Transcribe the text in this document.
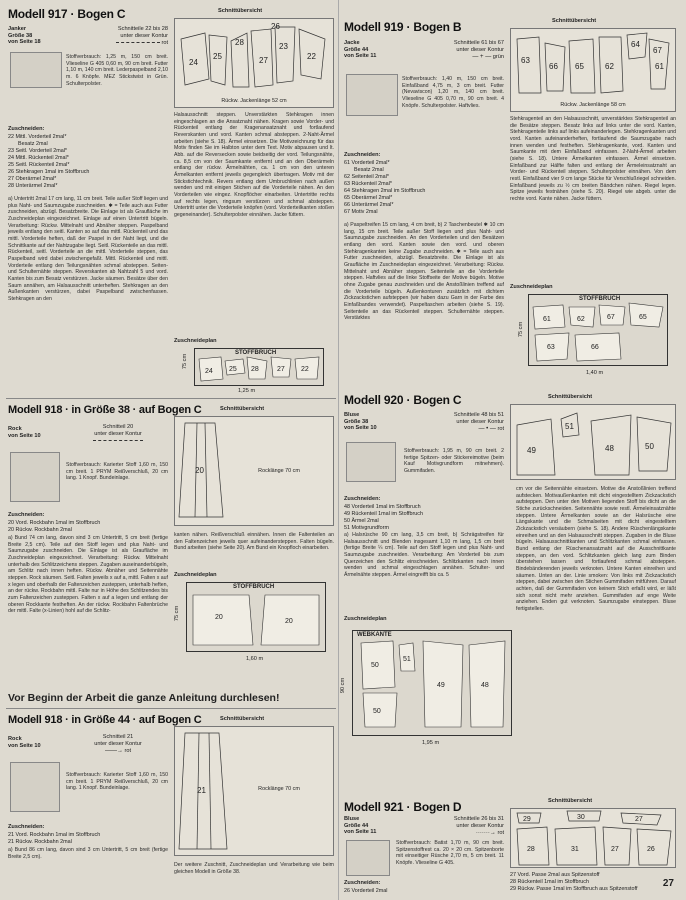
Modell 917 · Bogen C
Janker
Größe 38
von Seite 18
Schnitteile 22 bis 28
unter dieser Kontur
rot
Stoffverbrauch: 1,25 m, 150 cm breit. Vlieseline G 405 0,60 m, 90 cm breit. Futter 1,10 m, 140 cm breit. Lederpaspelband 2,10 m. 6 Knöpfe. MEZ Stickstwist in Grün. Schulterpolster.
Zuschneiden:
22 Mittl. Vorderteil 2mal*
Besatz 2mal
23 Seitl. Vorderteil 2mal*
24 Mittl. Rückenteil 2mal*
25 Seitl. Rückenteil 2mal*
26 Stehkragen 1mal im Stoffbruch
27 Oberärmel 2mal*
28 Unterärmel 2mal*
a) Untertritt 2mal 17 cm lang, 11 cm breit. Teile außer Stoff liegen und plus Naht- und Saumzugabe zuschneiden. ✱ = Teile auch aus Futter zuschneiden, abzügl. Besatzbreite. Die Einlage ist als Graufläche im Zuschneideplan eingezeichnet. Einlage auf einen Untertritt bügeln. Verarbeitung: Rückw. Mittelnaht und Abnäher steppen. Paspelband jeweils entlang den seitl. Kanten so auf das mittl. Rückenteil und das mittl. Vorderteile heften, daß der Paspel in der Naht liegt, und die Schnittkante auf der Nahtzugabe liegt. Seitl. Rückenteile an das mittl. Rückenteil, seitl. Vorderteile an die mittl. Vorderteile steppen, das Paspelband wird dabei zwischengefaßt. Mittl. Rückenteil und mittl. Vorderteile entlang den Teilungsnähten schmal absteppen. Seiten- und Schulternähte steppen. Reverskanten ab Nahtzahl 5 und vord. Kanten bis zum Besatz verstürzen. Jacke säumen. Besätze über den Saum annähen, am Halsausschnitt unterheften. Stehkragen an den Außenkanten verstürzen, dabei Paspelband zwischenfassen. Stehkragen an den
Schnittübersicht
24
25
28
27
23
22
26
Rückw. Jackenlänge 52 cm
Halsausschnitt steppen. Unverstärkten Stehkragen innen eingeschlagen an die Ansatznaht nähen. Kragen sowie Vorder- und Rückenteil entlang der Kragenansatznaht und fortlaufend Reverskanten und vord. Kanten schmal absteppen. 2-Naht-Ärmel arbeiten (siehe S. 18). Ärmel einsetzen. Die Motivzeichnung für das Motiv finden Sie im Halbton unter dem Text. Motiv abpausen und lt. Abb. auf die Reversecken sowie beidseitig der vord. Teilungsnähte, ca. 8,5 cm von der Saumkante entfernt und an den Oberärmeln entlang der rückw. Ärmelnähten, ca. 1 cm von den unteren Ärmelkanten entfernt jeweils gegengleich übertragen. Motiv mit der Stickstichtechnik. Revers entlang dem Umbruchlinien nach außen wenden und mit einigen Stichen auf die Vorderteile nähen. An den Vorderteilen wie eingez. Knopflöcher einarbeiten. Untertritte rechts auf rechts legen, ringsum verstürzen und schmal absteppen. Untertritt unter die Vorderteile knöpfen (vord. Vorderteilkanten stoßen gegeneinander). Schulterpolster einnähen. Jacke füttern.
Zuschneideplan
STOFFBRUCH
24 25 28	27 22
75 cm
1,25 m
Modell 919 · Bogen B
Jacke
Größe 44
von Seite 11
Schnitteile 61 bis 67
unter dieser Kontur
— + — grün
Stoffverbrauch: 1,40 m, 150 cm breit. Einfaßband 4,75 m, 3 cm breit. Futter (Nevaviscon) 1,20 m, 140 cm breit. Vlieseline G 405 0,70 m, 90 cm breit. 4 Knöpfe. Schulterpolster. Haftvlies.
Zuschneiden:
61 Vorderteil 2mal*
Besatz 2mal
62 Seitenteil 2mal*
63 Rückenteil 2mal*
64 Stehkragen 2mal im Stoffbruch
65 Oberärmel 2mal*
66 Unterärmel 2mal*
67 Motiv 2mal
a) Paspeltreifen 15 cm lang, 4 cm breit, b) 2 Taschenbeutel ✱ 10 cm lang, 15 cm breit. Teile außer Stoff liegen und plus Naht- und Saumzugabe zuschneiden. An den Vorderteilen und den Besätzen entlang den vord. Kanten sowie den vord. und oberen Stehkragenkanten keine Zugabe zuschneiden. ✱ = Teile auch aus Futter zuschneiden, abzügl. Besatzbreite. Die Einlage ist als Graufläche im Zuschneideplan eingezeichnet. Verarbeitung: Rückw. Mittelnaht und Abnäher steppen. Seitenteile an die Vorderteile steppen. Haftvlies auf die linke Stoffseite der Motive bügeln. Motive ohne Zugabe genau zuschneiden und die Anstoßlinien treffend auf die Vorderteile bügeln. Außenkonturen zusätzlich mit dichtem Zickzackstichen aufsteppen (wir haben dazu Garn in der Farbe des Einfaßbandes verwendet). Paspeltaschen arbeiten (siehe S. 19). Seitenteile an das Rückenteil steppen. Schulternähte steppen. Verstärktes
Schnittübersicht
63
66 65	62
64
67
61
Rückw. Jackenlänge 58 cm
Stehkragenteil an den Halsausschnitt, unverstärktes Stehkragenteil an die Besätze steppen. Besatz links auf links unter die vord. Kanten, Stehkragenteile links auf links aufeinanderlegen. Stehkragenkanten und vord. Kanten aufeinanderheften, fortlaufend die Saumzugabe nach innen wenden und festheften. Stehkragenkante, vord. Kanten und Saumkante mit dem Einfaßband einfassen. 2-Naht-Ärmel arbeiten (siehe S. 18). Untere Ärmelkanten einfassen. Ärmel einsetzen. Einfaßband zur Hälfte falten und entlang der Ärmeleinsatznaht an Vorder- und Rückenteil steppen. Schulterpolster einnähen. Von dem restl. Einfaßband vier 9 cm lange Stücke für Verschlußriegel schneiden. Einfaßband jeweils zu ½ cm breiten Bändchen nähen. Riegel legen. Spitze jeweils festnähen (siehe S. 20). Riegel wie abgeb. unter die rechte vord. Kante nähen. Jacke füttern.
Zuschneideplan
STOFFBRUCH
61	62	67	65
63	66
75 cm
1,40 m
Modell 918 · in Größe 38 · auf Bogen C
Rock
von Seite 10
Schnitteil 20
unter dieser Kontur
Stoffverbrauch: Karierter Stoff 1,60 m, 150 cm breit. 1 PRYM Reißverschluß, 20 cm lang. 1 Knopf. Bundeinlage.
Zuschneiden:
20 Vord. Rockbahn 1mal im Stoffbruch
20 Rückw. Rockbahn 2mal
a) Bund 74 cm lang, davon sind 3 cm Untertritt, 5 cm breit (fertige Breite 2,5 cm). Teile auf den Stoff legen und plus Naht- und Saumzugabe zuschneiden. Die Einlage ist als Graufläche im Zuschneideplan eingezeichnet. Verarbeitung: Rückw. Mittelnaht unterhalb des Schlitzzeichens steppen. Zugaben auseinanderbügeln, am Schlitz nach innen heften. Rückw. Abnäher und Seitennähte steppen. Rock säumen. Seitl. Falten jeweils x auf a, mittl. Falten x auf x legen und oberhalb der Faltenzeichen zusteppen, unterhalb heften, an der rückw. Rockbahn mittl. Falte nur in Höhe des Schlitzendes bis zum Faltenzeichen zusteppen. Falten x auf a legen und entlang der oberen Rockkante festheften. An der rückw. Rockbahn Faltenbrüche der mittl. Falte (x-Linien) hohl auf die Schlitz-
Schnittübersicht
20	Rocklänge 70 cm
kanten nähen. Reißverschluß einnähen. Innen die Faltenteilen an den Faltenzeichen jeweils quer aufeinandersteppen. Falten bügeln. Bund arbeiten (siehe Seite 20). Am Bund ein Knopfloch einarbeiten.
Zuschneideplan
STOFFBRUCH
20
20
75 cm
1,60 m
Modell 920 · Bogen C
Bluse
Größe 38
von Seite 10
Schnitteile 48 bis 51
unter dieser Kontur
— • — rot
Stoffverbrauch: 1,95 m, 90 cm breit. 2 fertige Spitzen- oder Stickereimotive (beim Kauf Motivgrundform mitnehmen). Gummifaden.
Zuschneiden:
48 Vorderteil 1mal im Stoffbruch
49 Rückenteil 1mal im Stoffbruch
50 Ärmel 2mal
51 Motivgrundform
a) Halsrüsche 90 cm lang, 3,5 cm breit, b) Schrägstreifen für Halsausschnitt und Blenden insgesamt 1,10 m lang, 1,5 cm breit (fertige Breite ¼ cm). Teile auf den Stoff legen und plus Naht- und Saumzugabe zuschneiden. Verarbeitung: Am Vorderteil bis zum Querzeichen den Schlitz einschneiden. Schlitzkanten nach innen wenden und schmal eingeschlagen annähen. Schulter- und Ärmelnähte steppen. Ärmel eingreifft bis ca. 5
Schnittübersicht
49
51
48	50
Zuschneideplan
WEBKANTE
50
51
49	48
50
90 cm
1,95 m
cm vor die Seitennähte einsetzen. Motive die Anstoßlinien treffend aufstecken. Motivaußenkanten mit dicht eingestelltem Zickzackstich aufsteppen. Den unter den Motiven liegenden Stoff bis dicht an die Stiche zurückschneiden. Seitennähte sowie restl. Ärmeleinsatznähte steppen. Untere Ärmelkanten sowie an der Halsrüsche eine Längskante und die Schmalseiten mit dicht eingestelltem Zickzackstich versäubern (siehe S. 18). Andere Rüschenlängskante einreihen und an den Halsausschnitt steppen. Zugaben in die Bluse bügeln. Halsausschnittkanten und Schlitzkanten schmal einfassen. Bund entlang der Rüschenansatznaht auf die Ausschnittkante steppen, an den vord. Schlitzkanten gleich lang zum Binden überstehen lassen und fortlaufend schmal absteppen. Bindebänderenden jeweils verknoten. Untere Kanten einreihen und säumen. Unten an der. Linie smoken: Von links mit Zickzackstich steppen, dabei zwischen den Stichen Gummifaden mitführen. Darauf achten, daß der Gummifaden von keinem Stich erfaßt wird, er läßt sich sonst nicht mehr anziehen. Gummifaden auf enge Weite anziehen. Enden gut verknoten. Saumzugabe einsteppen. Bluse fertigstellen.
Vor Beginn der Arbeit die ganze Anleitung durchlesen!
Modell 918 · in Größe 44 · auf Bogen C
Rock
von Seite 10
Schnitteil 21
unter dieser Kontur
——→ rot
Stoffverbrauch: Karierter Stoff 1,60 m, 150 cm breit. 1 PRYM Reißverschluß, 20 cm lang. 1 Knopf. Bundeinlage.
Zuschneiden:
21 Vord. Rockbahn 1mal im Stoffbruch
21 Rückw. Rockbahn 2mal
a) Bund 86 cm lang, davon sind 3 cm Untertritt, 5 cm breit (fertige Breite 2,5 cm).
Schnittübersicht
21	Rocklänge 70 cm
Der weitere Zuschnitt, Zuschneideplan und Verarbeitung wie beim gleichen Modell in Größe 38.
Modell 921 · Bogen D
Bluse
Größe 44
von Seite 11
Schnitteile 26 bis 31
unter dieser Kontur
·······→ rot
Stoffverbrauch: Batist 1,70 m, 90 cm breit. Spitzenstoffrest ca. 20 × 20 cm. Spitzenborte mit einseitiger Rüsche 2,70 m, 5 cm breit. 11 Knöpfe. Vlieseline G 405.
Zuschneiden:
26 Vorderteil 2mal
Schnittübersicht
29	30	27
28	31	27	26
27 Vord. Passe 2mal aus Spitzenstoff
28 Rückenteil 1mal im Stoffbruch
29 Rückw. Passe 1mal im Stoffbruch aus Spitzenstoff
27
